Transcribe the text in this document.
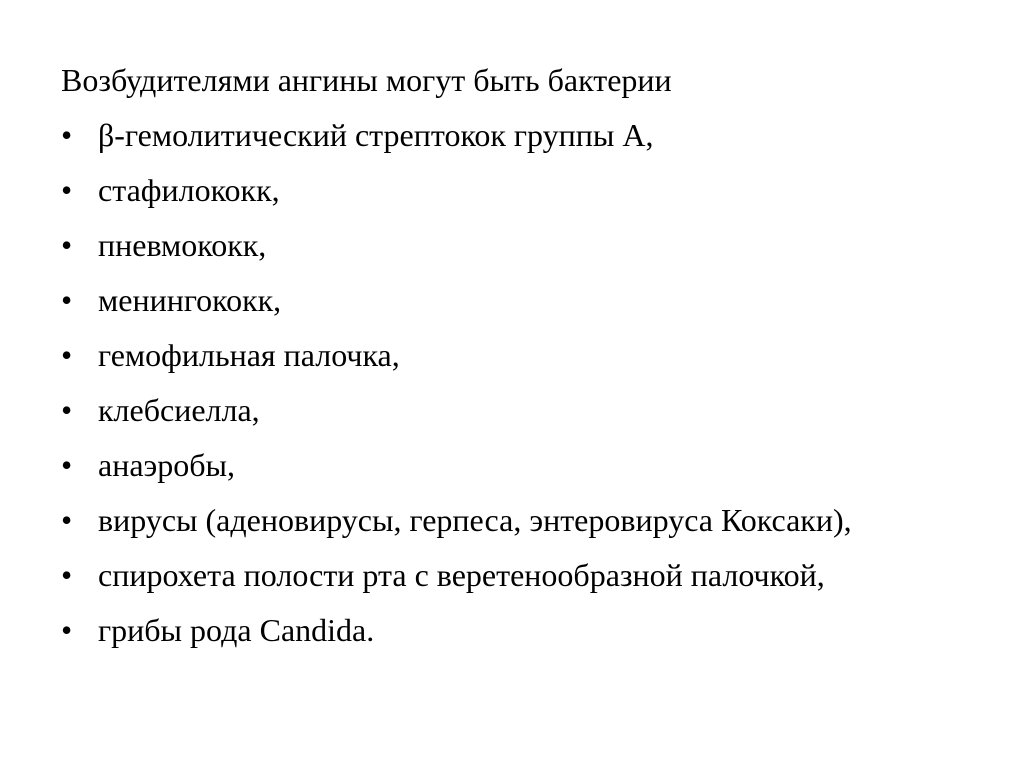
Возбудителями ангины могут быть бактерии
• β-гемолитический стрептокок группы А,
• стафилококк,
• пневмококк,
• менингококк,
• гемофильная палочка,
• клебсиелла,
• анаэробы,
• вирусы (аденовирусы, герпеса, энтеровируса Коксаки),
• спирохета полости рта с веретенообразной палочкой,
• грибы рода Candida.
